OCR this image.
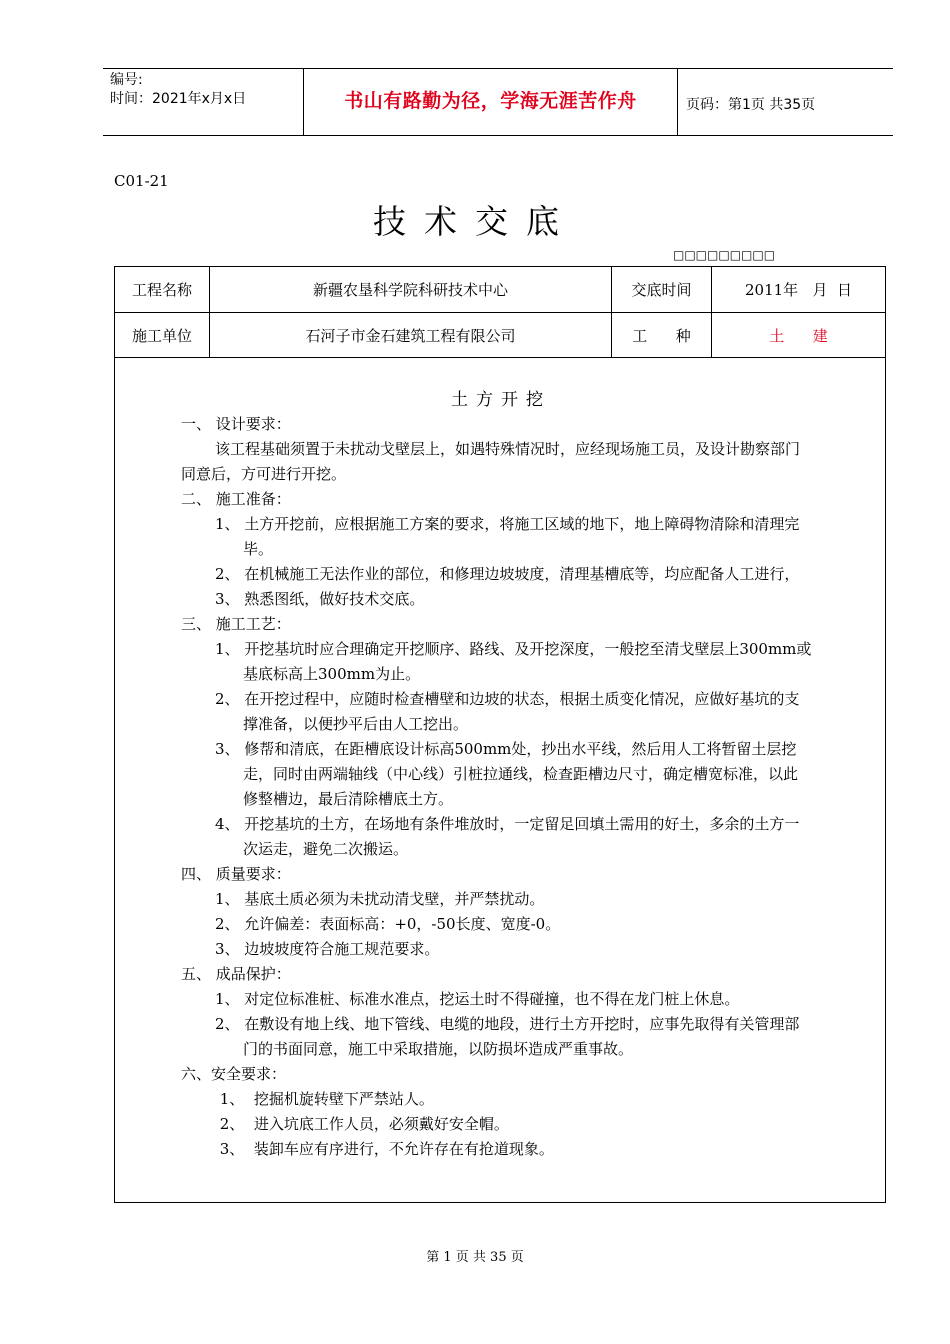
编号:
时间：2021年x月x日	书山有路勤为径，学海无涯苦作舟	页码：第1页 共35页
C01-21
技术交底
□□□□□□□□□
工程名称	新疆农垦科学院科研技术中心	交底时间	2011年   月  日
施工单位	石河子市金石建筑工程有限公司	工      种	土      建
土方开挖
一、 设计要求：
该工程基础须置于未扰动戈壁层上，如遇特殊情况时，应经现场施工员，及设计勘察部门
同意后，方可进行开挖。
二、 施工准备：
1、 土方开挖前，应根据施工方案的要求，将施工区域的地下，地上障碍物清除和清理完
毕。
2、 在机械施工无法作业的部位，和修理边坡坡度，清理基槽底等，均应配备人工进行，
3、 熟悉图纸，做好技术交底。
三、 施工工艺：
1、 开挖基坑时应合理确定开挖顺序、路线、及开挖深度，一般挖至清戈壁层上300mm或
基底标高上300mm为止。
2、 在开挖过程中，应随时检查槽壁和边坡的状态，根据土质变化情况，应做好基坑的支
撑准备，以便抄平后由人工挖出。
3、 修帮和清底，在距槽底设计标高500mm处，抄出水平线，然后用人工将暂留土层挖
走，同时由两端轴线（中心线）引桩拉通线，检查距槽边尺寸，确定槽宽标准，以此
修整槽边，最后清除槽底土方。
4、 开挖基坑的土方，在场地有条件堆放时，一定留足回填土需用的好土，多余的土方一
次运走，避免二次搬运。
四、 质量要求：
1、 基底土质必须为未扰动清戈壁，并严禁扰动。
2、 允许偏差：表面标高：+0，-50长度、宽度-0。
3、 边坡坡度符合施工规范要求。
五、 成品保护：
1、 对定位标准桩、标准水准点，挖运土时不得碰撞，也不得在龙门桩上休息。
2、 在敷设有地上线、地下管线、电缆的地段，进行土方开挖时，应事先取得有关管理部
门的书面同意，施工中采取措施，以防损坏造成严重事故。
六、安全要求：
1、  挖掘机旋转壁下严禁站人。
2、  进入坑底工作人员，必须戴好安全帽。
3、  装卸车应有序进行，不允许存在有抢道现象。
第 1 页 共 35 页
